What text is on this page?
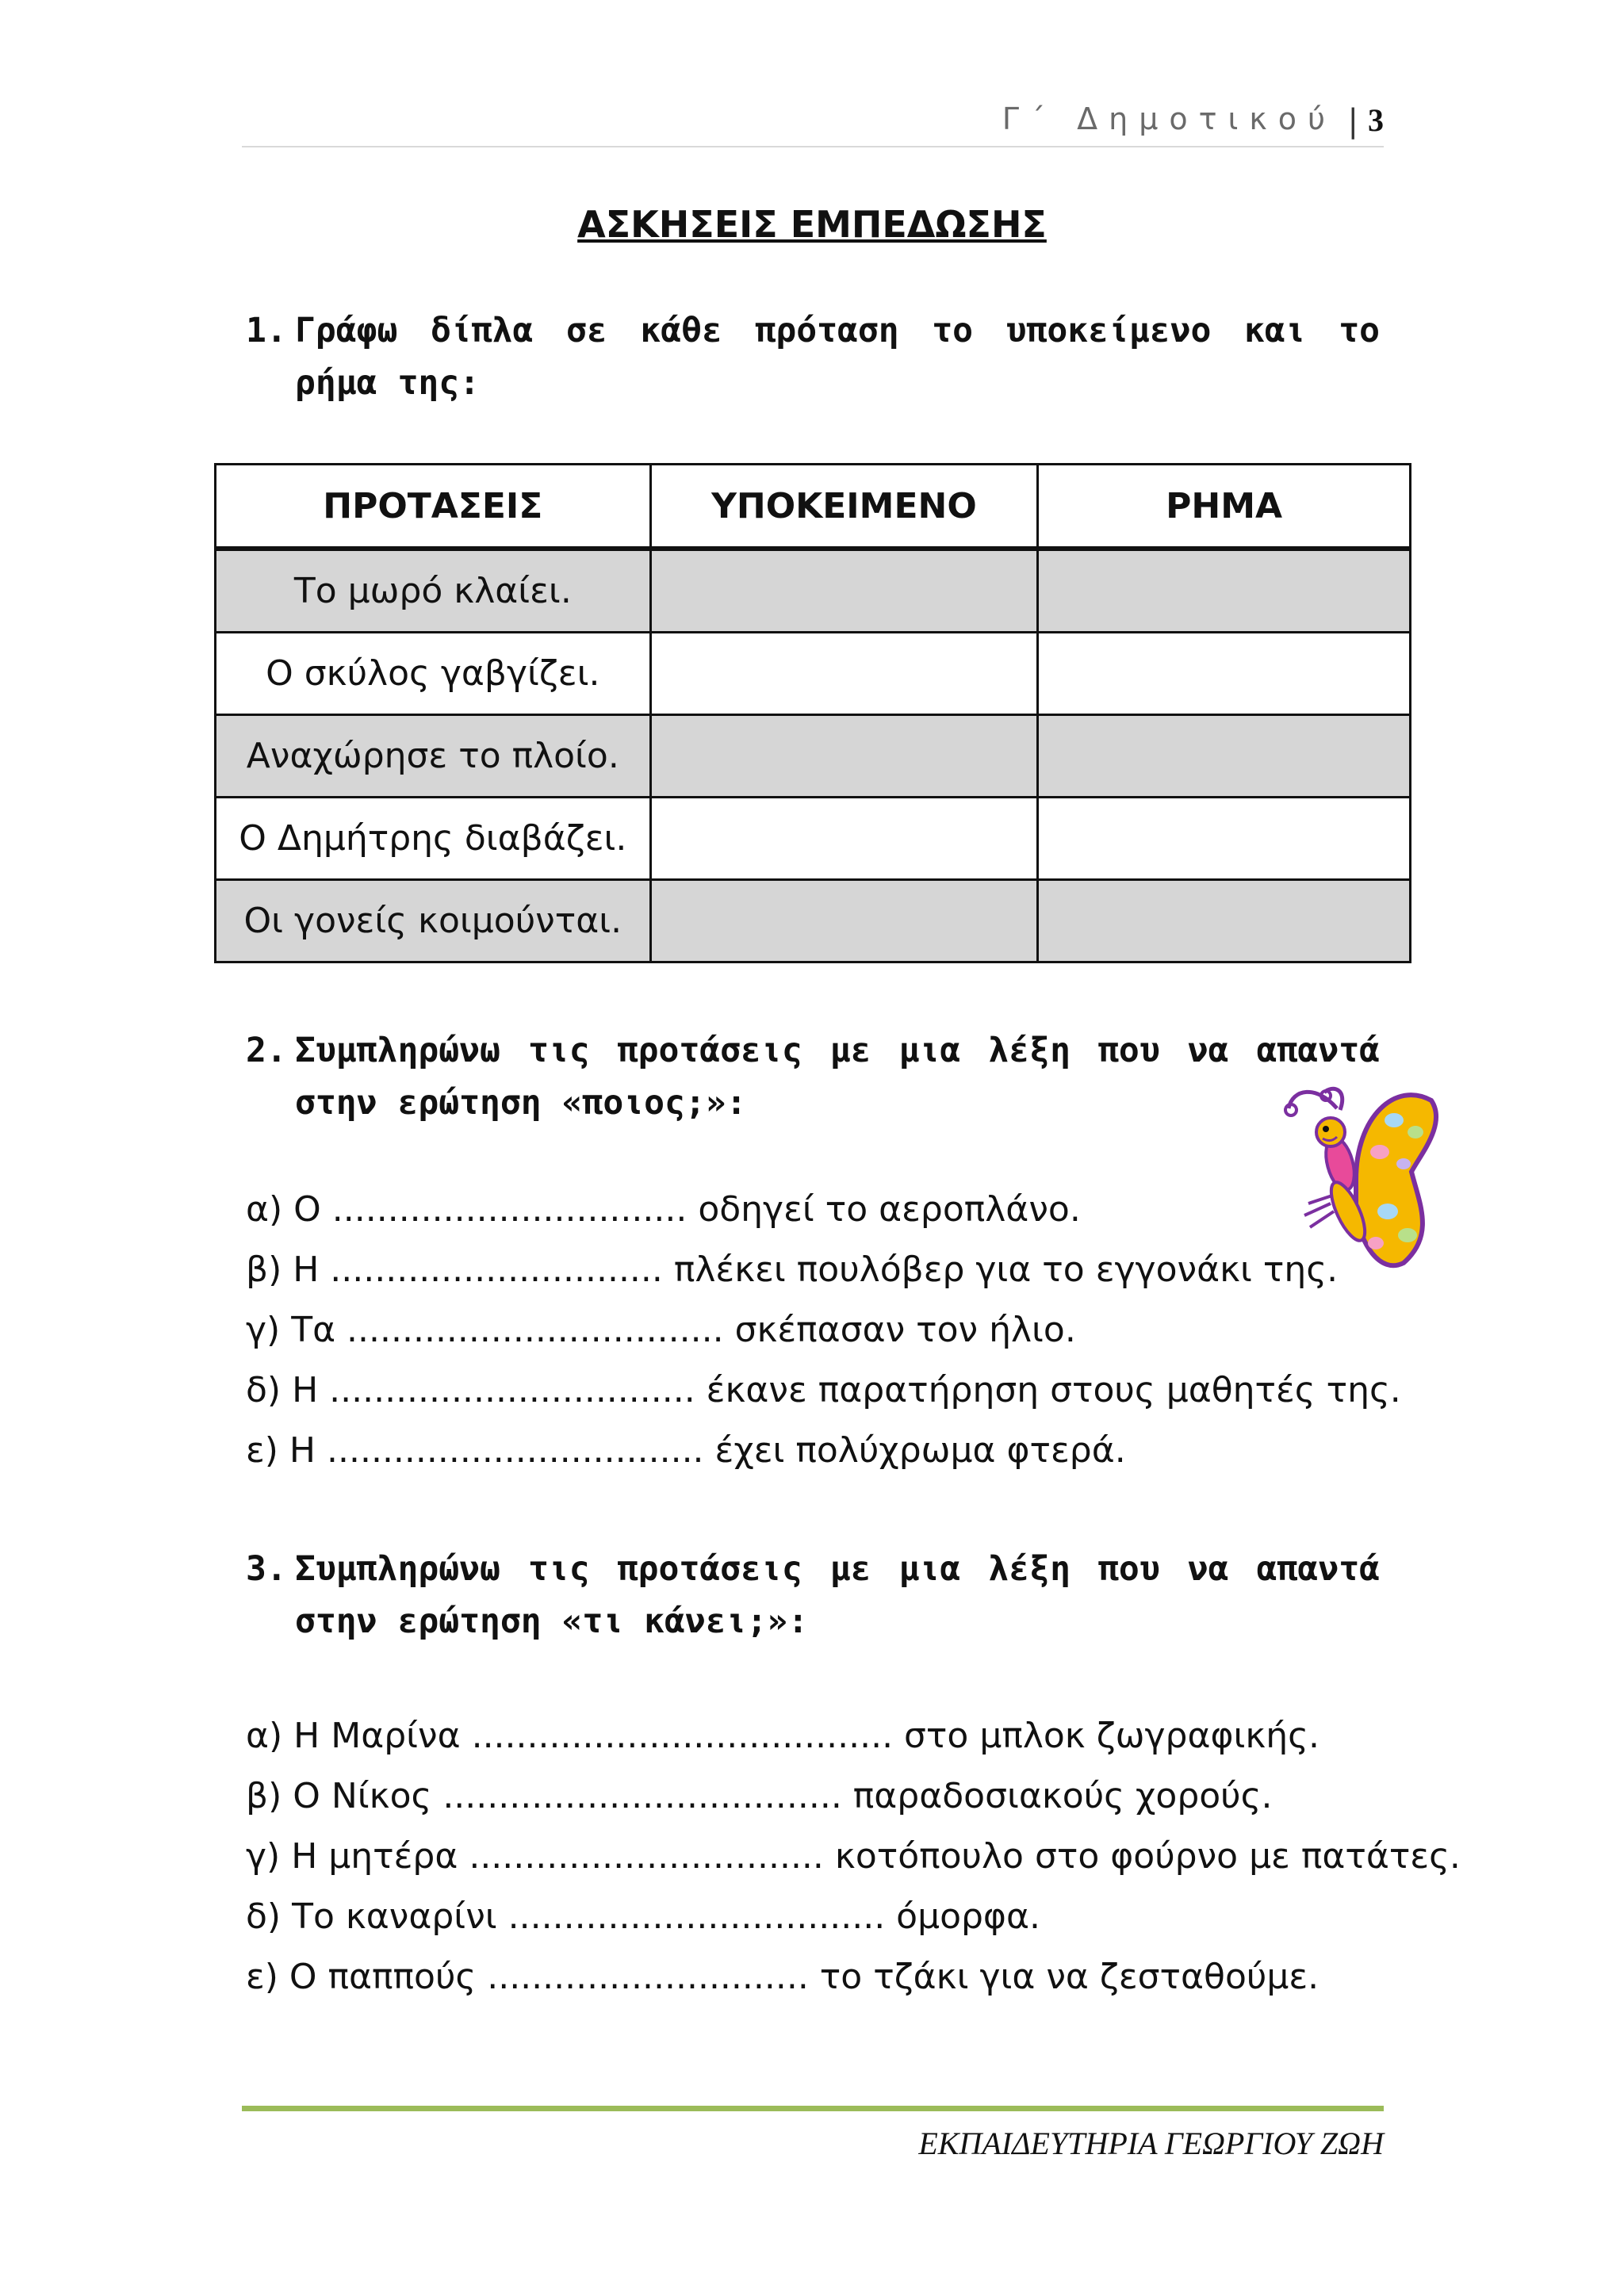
Γ΄ Δημοτικού | 3
ΑΣΚΗΣΕΙΣ ΕΜΠΕΔΩΣΗΣ
1. Γράφω δίπλα σε κάθε πρόταση το υποκείμενο και το ρήμα της:
ΠΡΟΤΑΣΕΙΣ	ΥΠΟΚΕΙΜΕΝΟ	ΡΗΜΑ
Το μωρό κλαίει.		
Ο σκύλος γαβγίζει.		
Αναχώρησε το πλοίο.		
Ο Δημήτρης διαβάζει.		
Οι γονείς κοιμούνται.		
2. Συμπληρώνω τις προτάσεις με μια λέξη που να απαντά στην ερώτηση «ποιος;»:
α) Ο ................................ οδηγεί το αεροπλάνο.
β) Η .............................. πλέκει πουλόβερ για το εγγονάκι της.
γ) Τα .................................. σκέπασαν τον ήλιο.
δ) Η ................................. έκανε παρατήρηση στους μαθητές της.
ε) Η .................................. έχει πολύχρωμα φτερά.
3. Συμπληρώνω τις προτάσεις με μια λέξη που να απαντά στην ερώτηση «τι κάνει;»:
α) Η Μαρίνα ...................................... στο μπλοκ ζωγραφικής.
β) Ο Νίκος .................................... παραδοσιακούς χορούς.
γ) Η μητέρα ................................ κοτόπουλο στο φούρνο με πατάτες.
δ) Το καναρίνι .................................. όμορφα.
ε) Ο παππούς ............................. το τζάκι για να ζεσταθούμε.
ΕΚΠΑΙΔΕΥΤΗΡΙΑ ΓΕΩΡΓΙΟΥ ΖΩΗ
